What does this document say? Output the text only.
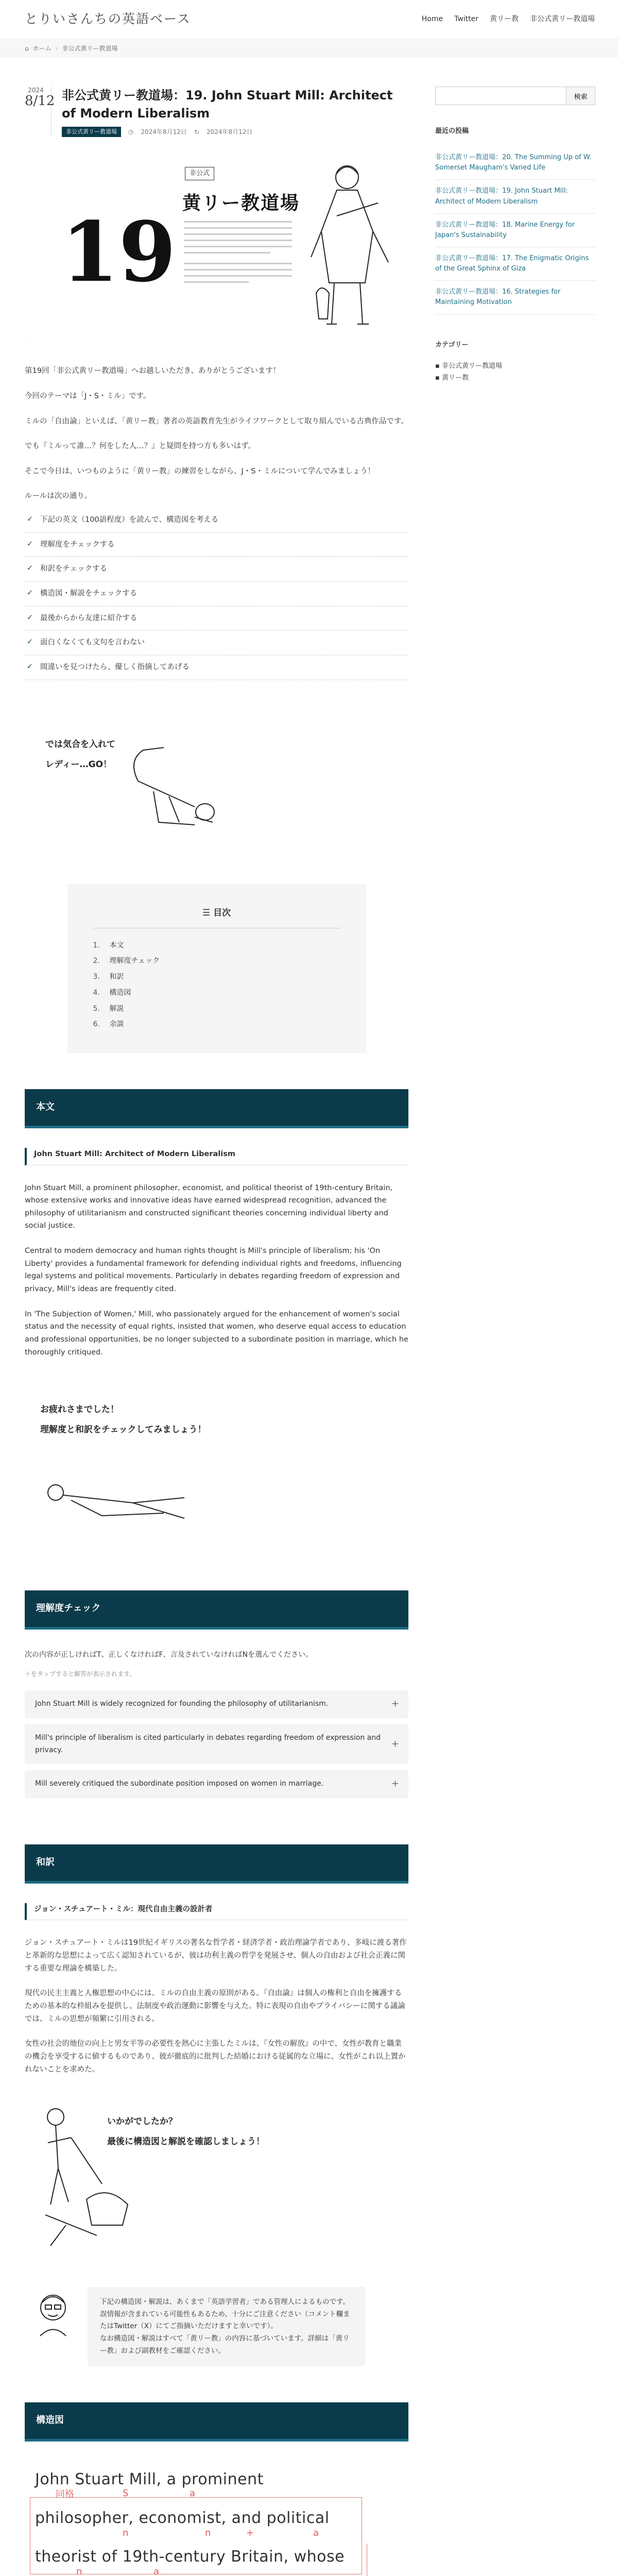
とりいさんちの英語ベース	Home Twitter 黄リー教 非公式黄リー教道場
⌂ ホーム › 非公式黄リー教道場
2024
8/12 非公式黄リー教道場：19. John Stuart Mill: Architect of Modern Liberalism
非公式黄リー教道場	◷ 2024年8月12日 ↻ 2024年8月12日
19
非公式
黄リー教道場

第19回「非公式黄リー教道場」へお越しいただき、ありがとうございます！

今回のテーマは「J・S・ミル」です。

ミルの「自由論」といえば、「黄リー教」著者の英語教育先生がライフワークとして取り組んでいる古典作品です。

でも『ミルって誰…？何をした人…？』と疑問を持つ方も多いはず。

そこで今日は、いつものように「黄リー教」の練習をしながら、J・S・ミルについて学んでみましょう！

ルールは次の通り。

✓ 下記の英文（100語程度）を読んで、構造図を考える
✓ 理解度をチェックする
✓ 和訳をチェックする
✓ 構造図・解説をチェックする
✓ 最後からから友達に紹介する
✓ 面白くなくても文句を言わない
✓ 間違いを見つけたら、優しく指摘してあげる
では気合を入れて
レディー…GO！
☰ 目次
1.	本文
2.	理解度チェック
3.	和訳
4.	構造図
5.	解説
6.	余談
本文
John Stuart Mill: Architect of Modern Liberalism

John Stuart Mill, a prominent philosopher, economist, and political theorist of 19th-century Britain, whose extensive works and innovative ideas have earned widespread recognition, advanced the philosophy of utilitarianism and constructed significant theories concerning individual liberty and social justice.

Central to modern democracy and human rights thought is Mill's principle of liberalism; his 'On Liberty' provides a fundamental framework for defending individual rights and freedoms, influencing legal systems and political movements. Particularly in debates regarding freedom of expression and privacy, Mill's ideas are frequently cited.

In 'The Subjection of Women,' Mill, who passionately argued for the enhancement of women's social status and the necessity of equal rights, insisted that women, who deserve equal access to education and professional opportunities, be no longer subjected to a subordinate position in marriage, which he thoroughly critiqued.

お疲れさまでした！
理解度と和訳をチェックしてみましょう！
理解度チェック

次の内容が正しければT、正しくなければF、言及されていなければNを選んでください。

＋をタップすると解答が表示されます。

John Stuart Mill is widely recognized for founding the philosophy of utilitarianism.	+
Mill's principle of liberalism is cited particularly in debates regarding freedom of expression and privacy.
+
Mill severely critiqued the subordinate position imposed on women in marriage.	+
和訳
ジョン・スチュアート・ミル：現代自由主義の設計者

ジョン・スチュアート・ミルは19世紀イギリスの著名な哲学者・経済学者・政治理論学者であり、多岐に渡る著作と革新的な思想によって広く認知されているが、彼は功利主義の哲学を発展させ、個人の自由および社会正義に関する重要な理論を構築した。

現代の民主主義と人権思想の中心には、ミルの自由主義の原則がある。『自由論』は個人の権利と自由を擁護するための基本的な枠組みを提供し、法制度や政治運動に影響を与えた。特に表現の自由やプライバシーに関する議論では、ミルの思想が頻繁に引用される。

女性の社会的地位の向上と男女平等の必要性を熱心に主張したミルは、『女性の解放』の中で、女性が教育と職業の機会を享受するに値するものであり、彼が徹底的に批判した結婚における従属的な立場に、女性がこれ以上置かれないことを求めた。

いかがでしたか？
最後に構造図と解説を確認しましょう！
下記の構造図・解説は、あくまで「英語学習者」である管理人によるものです。誤情報が含まれている可能性もあるため、十分にご注意ください（コメント欄またはTwitter（X）にてご指摘いただけますと幸いです）。
なお構造図・解説はすべて「黄リー教」の内容に基づいています。詳細は「黄リー教」および副教材をご確認ください。
構造図
John Stuart Mill, a prominent
philosopher, economist, and political
theorist of 19th-century Britain, whose
同格	S	a
n	n	+	a
n	a
検索
最近の投稿
非公式黄リー教道場：20. The Summing Up of W. Somerset Maugham's Varied Life
非公式黄リー教道場：19. John Stuart Mill: Architect of Modern Liberalism
非公式黄リー教道場：18. Marine Energy for Japan's Sustainability
非公式黄リー教道場：17. The Enigmatic Origins of the Great Sphinx of Giza
非公式黄リー教道場：16. Strategies for Maintaining Motivation
カテゴリー
▪ 非公式黄リー教道場
▪ 黄リー教
